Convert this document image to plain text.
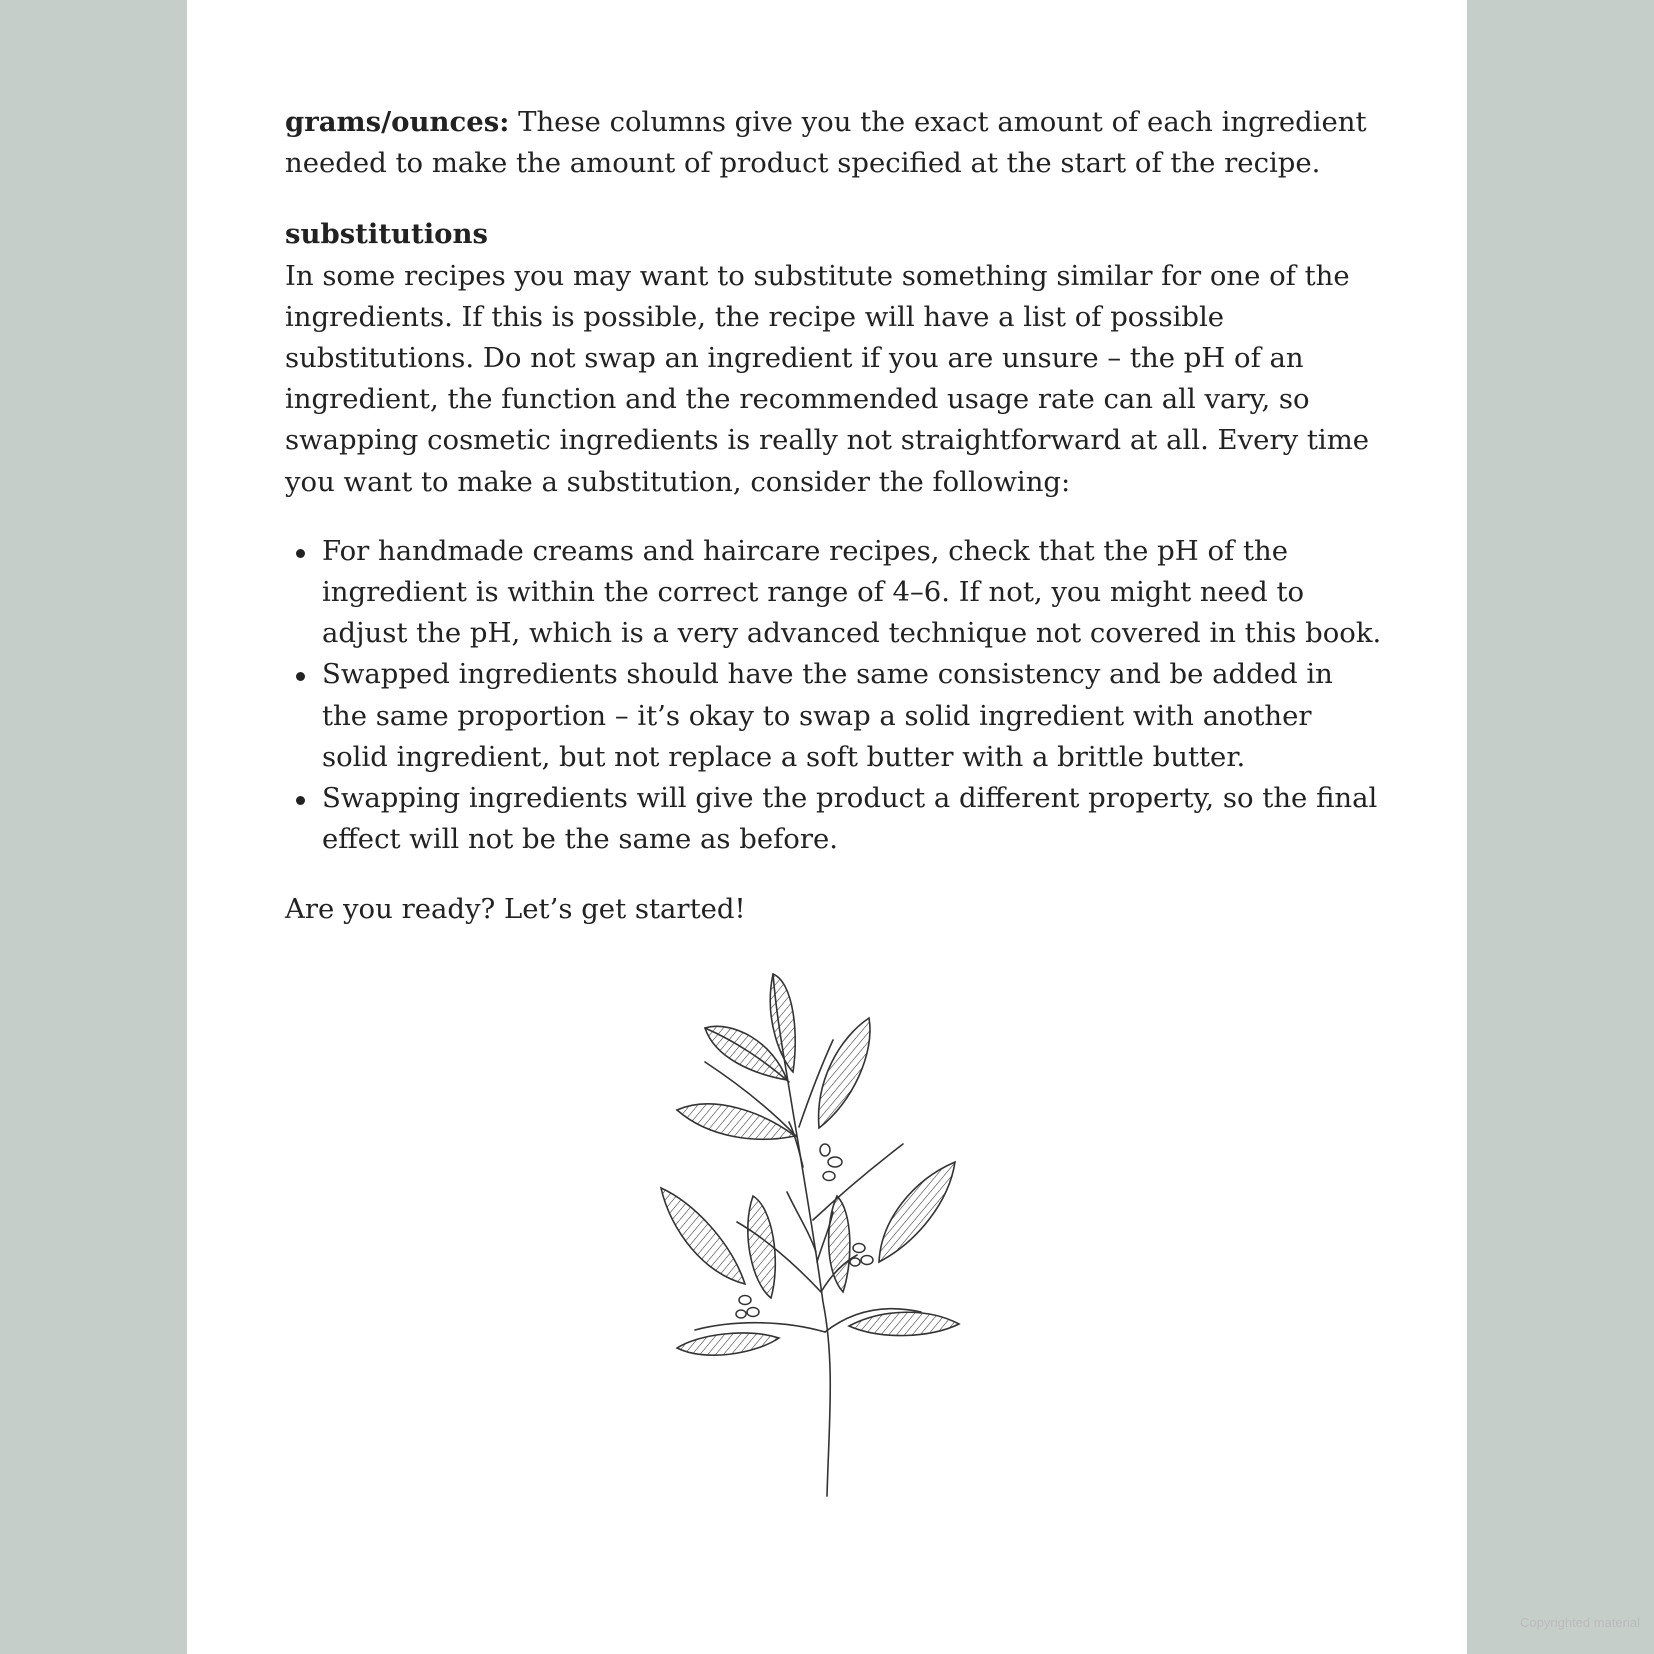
grams/ounces: These columns give you the exact amount of each ingredient needed to make the amount of product specified at the start of the recipe.

substitutions

In some recipes you may want to substitute something similar for one of the ingredients. If this is possible, the recipe will have a list of possible substitutions. Do not swap an ingredient if you are unsure – the pH of an ingredient, the function and the recommended usage rate can all vary, so swapping cosmetic ingredients is really not straightforward at all. Every time you want to make a substitution, consider the following:

For handmade creams and haircare recipes, check that the pH of the ingredient is within the correct range of 4–6. If not, you might need to adjust the pH, which is a very advanced technique not covered in this book.
Swapped ingredients should have the same consistency and be added in the same proportion – it’s okay to swap a solid ingredient with another solid ingredient, but not replace a soft butter with a brittle butter.
Swapping ingredients will give the product a different property, so the final effect will not be the same as before.

Are you ready? Let’s get started!

Copyrighted material
